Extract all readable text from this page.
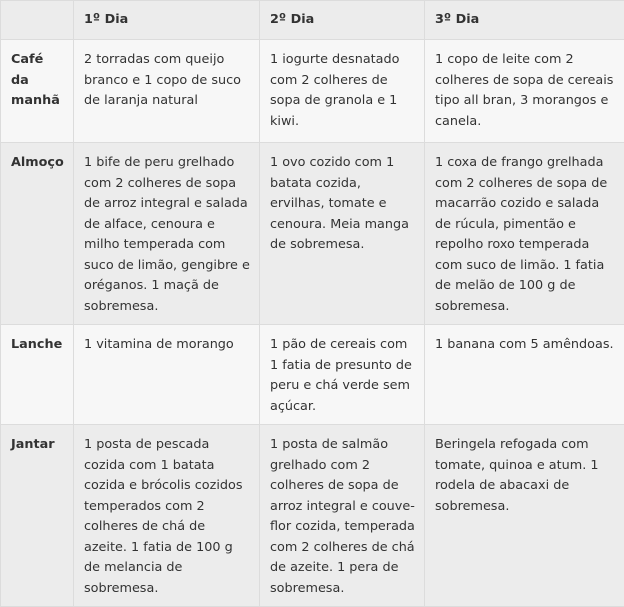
	1º Dia	2º Dia	3º Dia
Café da manhã	2 torradas com queijo branco e 1 copo de suco de laranja natural	1 iogurte desnatado com 2 colheres de sopa de granola e 1 kiwi.	1 copo de leite com 2 colheres de sopa de cereais tipo all bran, 3 morangos e canela.
Almoço	1 bife de peru grelhado com 2 colheres de sopa de arroz integral e salada de alface, cenoura e milho temperada com suco de limão, gengibre e oréganos. 1 maçã de sobremesa.	1 ovo cozido com 1 batata cozida, ervilhas, tomate e cenoura. Meia manga de sobremesa.	1 coxa de frango grelhada com 2 colheres de sopa de macarrão cozido e salada de rúcula, pimentão e repolho roxo temperada com suco de limão. 1 fatia de melão de 100 g de sobremesa.
Lanche	1 vitamina de morango	1 pão de cereais com 1 fatia de presunto de peru e chá verde sem açúcar.	1 banana com 5 amêndoas.
Jantar	1 posta de pescada cozida com 1 batata cozida e brócolis cozidos temperados com 2 colheres de chá de azeite. 1 fatia de 100 g de melancia de sobremesa.	1 posta de salmão grelhado com 2 colheres de sopa de arroz integral e couve-flor cozida, temperada com 2 colheres de chá de azeite. 1 pera de sobremesa.	Beringela refogada com tomate, quinoa e atum. 1 rodela de abacaxi de sobremesa.
